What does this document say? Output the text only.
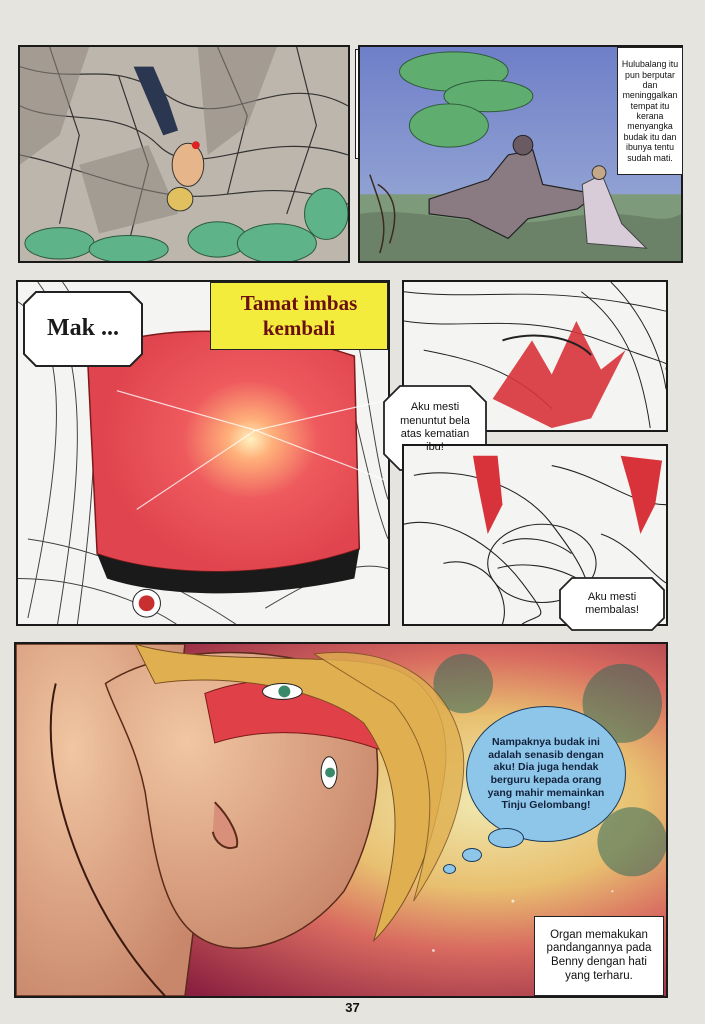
Hulubalang itu pun berputar dan meninggalkan tempat itu kerana menyangka budak itu dan ibunya tentu sudah mati.
Mak ...
Tamat imbas kembali
Aku mesti menuntut bela atas kematian ibu!
Aku mesti membalas!
Nampaknya budak ini adalah senasib dengan aku! Dia juga hendak berguru kepada orang yang mahir memainkan Tinju Gelombang!
Organ memakukan pandangannya pada Benny dengan hati yang terharu.
37
